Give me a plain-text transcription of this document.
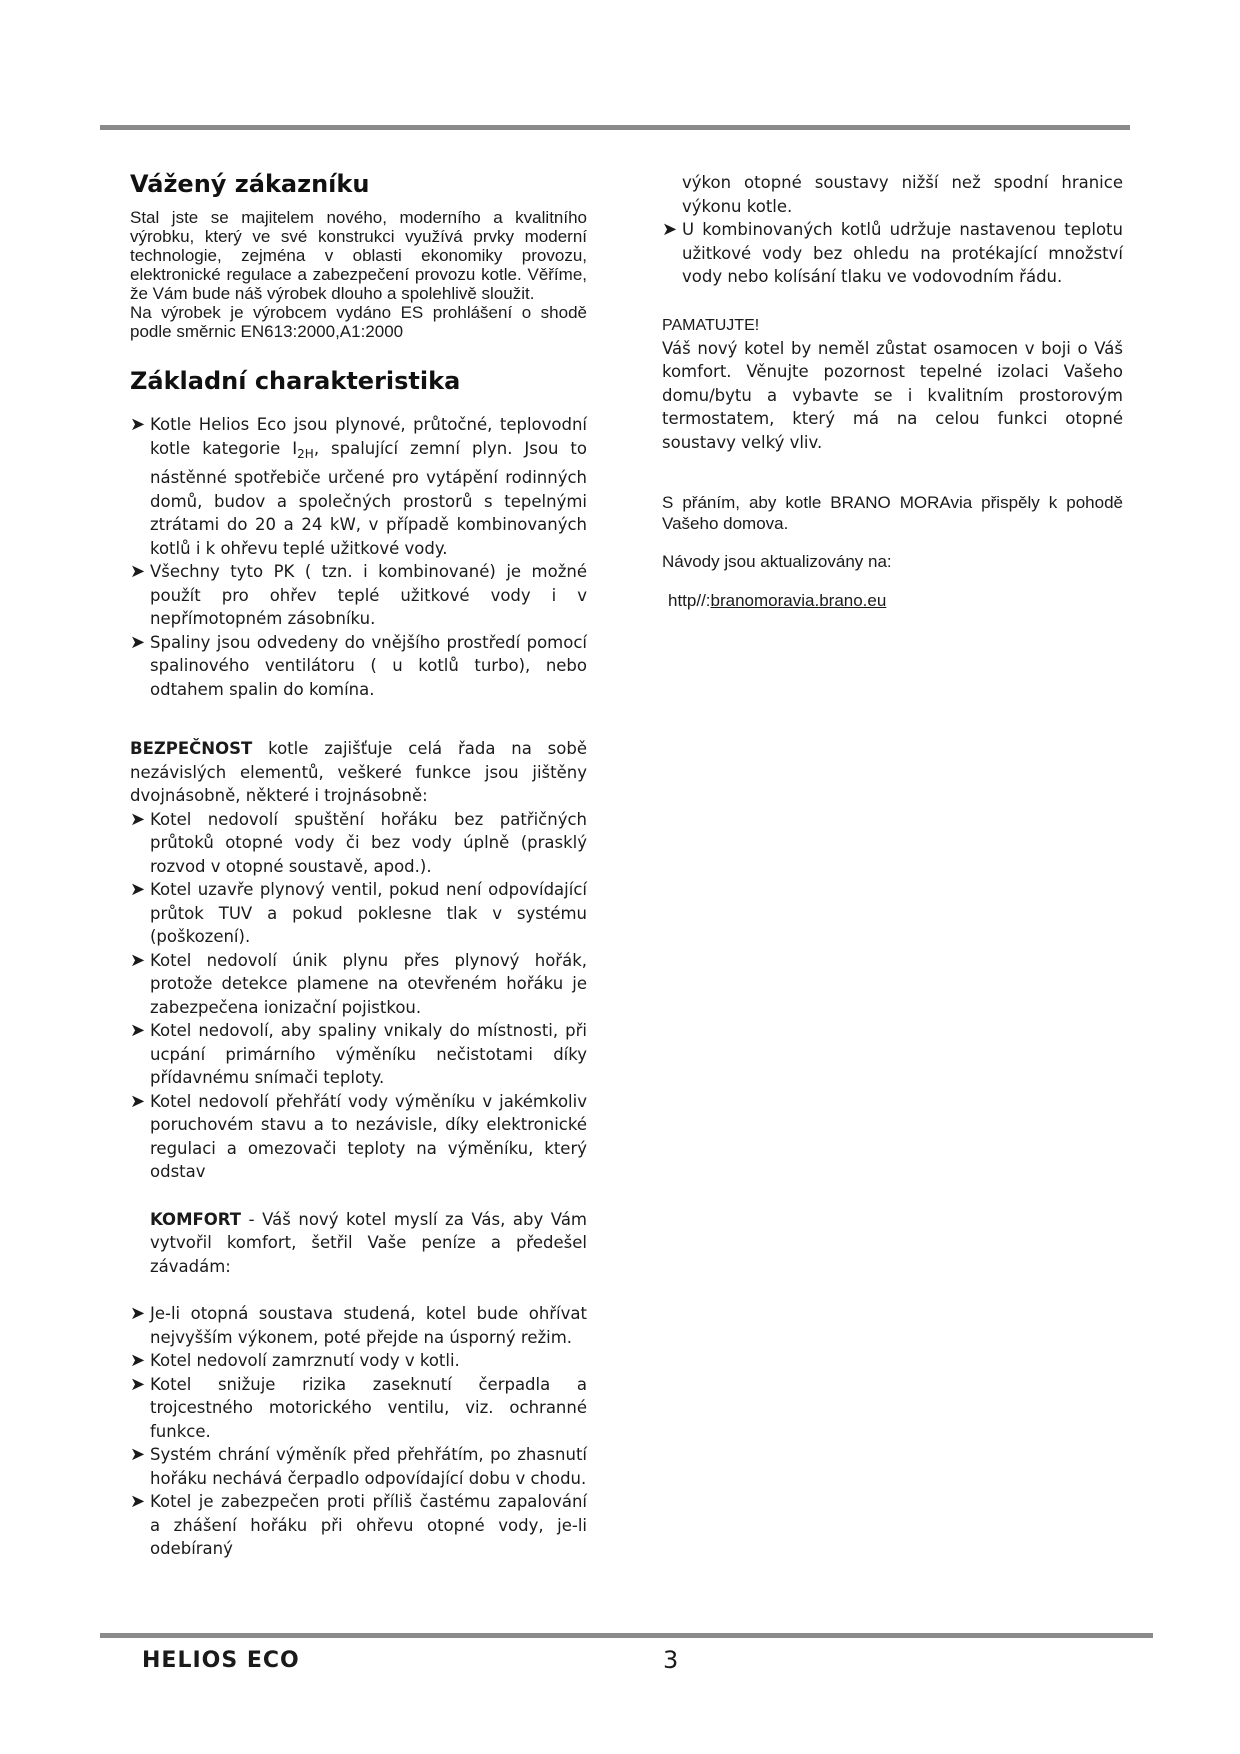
Vážený zákazníku

Stal jste se majitelem nového, moderního a kvalitního výrobku, který ve své konstrukci využívá prvky moderní technologie, zejména v oblasti ekonomiky provozu, elektronické regulace a zabezpečení provozu kotle. Věříme, že Vám bude náš výrobek dlouho a spolehlivě sloužit.

Na výrobek je výrobcem vydáno ES prohlášení o shodě podle směrnic EN613:2000,A1:2000

Základní charakteristika
➤ Kotle Helios Eco jsou plynové, průtočné, teplovodní kotle kategorie $I_{2H}$, spalující zemní plyn. Jsou to nástěnné spotřebiče určené pro vytápění rodinných domů, budov a společných prostorů s tepelnými ztrátami do 20 a 24 kW, v případě kombinovaných kotlů i k ohřevu teplé užitkové vody.
➤ Všechny tyto PK ( tzn. i kombinované) je možné použít pro ohřev teplé užitkové vody i v nepřímotopném zásobníku.
➤ Spaliny jsou odvedeny do vnějšího prostředí pomocí spalinového ventilátoru ( u kotlů turbo), nebo odtahem spalin do komína.

BEZPEČNOST kotle zajišťuje celá řada na sobě nezávislých elementů, veškeré funkce jsou jištěny dvojnásobně, některé i trojnásobně:

➤ Kotel nedovolí spuštění hořáku bez patřičných průtoků otopné vody či bez vody úplně (prasklý rozvod v otopné soustavě, apod.).
➤ Kotel uzavře plynový ventil, pokud není odpovídající průtok TUV a pokud poklesne tlak v systému (poškození).
➤ Kotel nedovolí únik plynu přes plynový hořák, protože detekce plamene na otevřeném hořáku je zabezpečena ionizační pojistkou.
➤ Kotel nedovolí, aby spaliny vnikaly do místnosti, při ucpání primárního výměníku nečistotami díky přídavnému snímači teploty.
➤ Kotel nedovolí přehřátí vody výměníku v jakémkoliv poruchovém stavu a to nezávisle, díky elektronické regulaci a omezovači teploty na výměníku, který odstav

KOMFORT - Váš nový kotel myslí za Vás, aby Vám vytvořil komfort, šetřil Vaše peníze a předešel závadám:

➤ Je-li otopná soustava studená, kotel bude ohřívat nejvyšším výkonem, poté přejde na úsporný režim.
➤ Kotel nedovolí zamrznutí vody v kotli.
➤ Kotel snižuje rizika zaseknutí čerpadla a trojcestného motorického ventilu, viz. ochranné funkce.
➤ Systém chrání výměník před přehřátím, po zhasnutí hořáku nechává čerpadlo odpovídající dobu v chodu.
➤ Kotel je zabezpečen proti příliš častému zapalování a zhášení hořáku při ohřevu otopné vody, je-li odebíraný

výkon otopné soustavy nižší než spodní hranice výkonu kotle.

➤ U kombinovaných kotlů udržuje nastavenou teplotu užitkové vody bez ohledu na protékající množství vody nebo kolísání tlaku ve vodovodním řádu.

PAMATUJTE!

Váš nový kotel by neměl zůstat osamocen v boji o Váš komfort. Věnujte pozornost tepelné izolaci Vašeho domu/bytu a vybavte se i kvalitním prostorovým termostatem, který má na celou funkci otopné soustavy velký vliv.

S přáním, aby kotle BRANO MORAvia přispěly k pohodě Vašeho domova.

Návody jsou aktualizovány na:

http//:branomoravia.brano.eu

HELIOS ECO	3
